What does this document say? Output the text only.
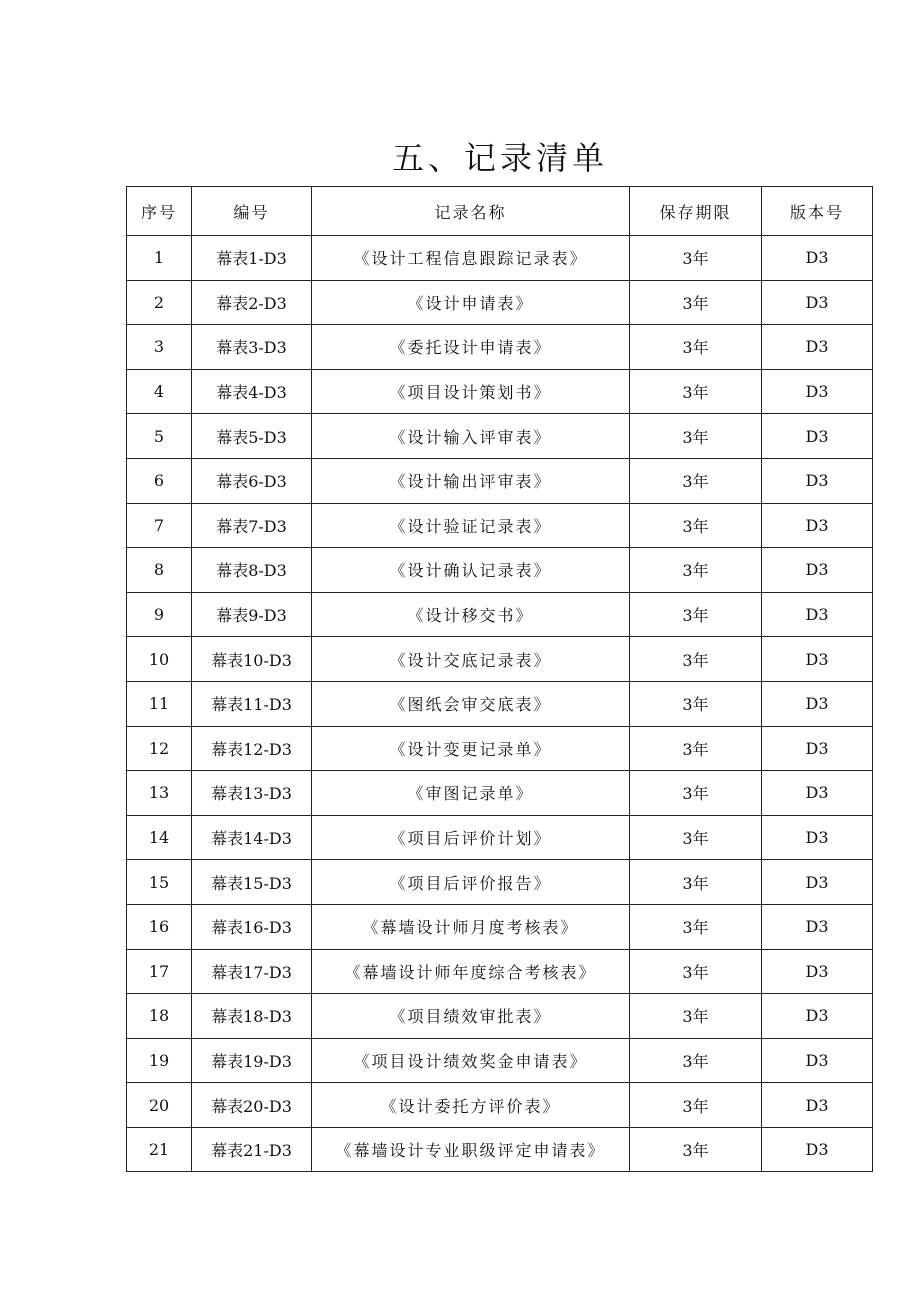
五、记录清单
序号	编号	记录名称	保存期限	版本号
1	幕表1-D3	《设计工程信息跟踪记录表》	3年	D3
2	幕表2-D3	《设计申请表》	3年	D3
3	幕表3-D3	《委托设计申请表》	3年	D3
4	幕表4-D3	《项目设计策划书》	3年	D3
5	幕表5-D3	《设计输入评审表》	3年	D3
6	幕表6-D3	《设计输出评审表》	3年	D3
7	幕表7-D3	《设计验证记录表》	3年	D3
8	幕表8-D3	《设计确认记录表》	3年	D3
9	幕表9-D3	《设计移交书》	3年	D3
10	幕表10-D3	《设计交底记录表》	3年	D3
11	幕表11-D3	《图纸会审交底表》	3年	D3
12	幕表12-D3	《设计变更记录单》	3年	D3
13	幕表13-D3	《审图记录单》	3年	D3
14	幕表14-D3	《项目后评价计划》	3年	D3
15	幕表15-D3	《项目后评价报告》	3年	D3
16	幕表16-D3	《幕墙设计师月度考核表》	3年	D3
17	幕表17-D3	《幕墙设计师年度综合考核表》	3年	D3
18	幕表18-D3	《项目绩效审批表》	3年	D3
19	幕表19-D3	《项目设计绩效奖金申请表》	3年	D3
20	幕表20-D3	《设计委托方评价表》	3年	D3
21	幕表21-D3	《幕墙设计专业职级评定申请表》	3年	D3
